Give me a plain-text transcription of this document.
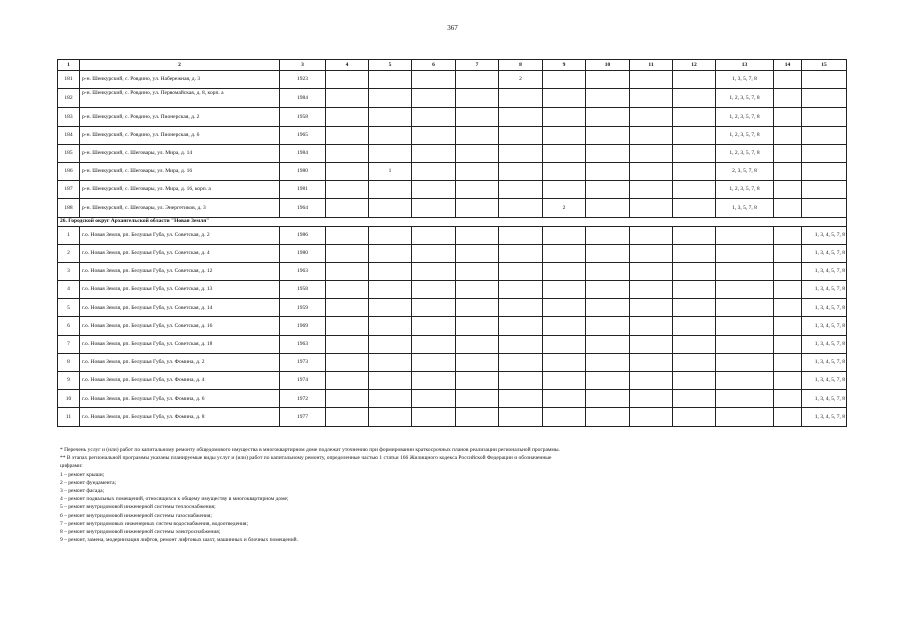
367
1	2	3	4	5	6	7	8	9	10	11	12	13	14	15
181	р-н. Шенкурский, с. Ровдино, ул. Набережная, д. 3	1923					2					1, 3, 5, 7, 8		
182	р-н. Шенкурский, с. Ровдино, ул. Первомайская, д. 8, корп. а	1984										1, 2, 3, 5, 7, 8		
183	р-н. Шенкурский, с. Ровдино, ул. Пионерская, д. 2	1958										1, 2, 3, 5, 7, 8		
184	р-н. Шенкурский, с. Ровдино, ул. Пионерская, д. 6	1965										1, 2, 3, 5, 7, 8		
185	р-н. Шенкурский, с. Шеговары, ул. Мира, д. 14	1984										1, 2, 3, 5, 7, 8		
186	р-н. Шенкурский, с. Шеговары, ул. Мира, д. 16	1980		1								2, 3, 5, 7, 8		
187	р-н. Шенкурский, с. Шеговары, ул. Мира, д. 16, корп. а	1981										1, 2, 3, 5, 7, 8		
188	р-н. Шенкурский, с. Шеговары, ул. Энергетиков, д. 3	1964						2				1, 3, 5, 7, 8		
26. Городской округ Архангельской области "Новая Земля"														
1	г.о. Новая Земля, рп. Белушья Губа, ул. Советская, д. 2	1986												1, 3, 4, 5, 7, 8
2	г.о. Новая Земля, рп. Белушья Губа, ул. Советская, д. 4	1980												1, 3, 4, 5, 7, 8
3	г.о. Новая Земля, рп. Белушья Губа, ул. Советская, д. 12	1963												1, 3, 4, 5, 7, 8
4	г.о. Новая Земля, рп. Белушья Губа, ул. Советская, д. 13	1958												1, 3, 4, 5, 7, 8
5	г.о. Новая Земля, рп. Белушья Губа, ул. Советская, д. 14	1959												1, 3, 4, 5, 7, 8
6	г.о. Новая Земля, рп. Белушья Губа, ул. Советская, д. 16	1969												1, 3, 4, 5, 7, 8
7	г.о. Новая Земля, рп. Белушья Губа, ул. Советская, д. 18	1963												1, 3, 4, 5, 7, 8
8	г.о. Новая Земля, рп. Белушья Губа, ул. Фомина, д. 2	1973												1, 3, 4, 5, 7, 8
9	г.о. Новая Земля, рп. Белушья Губа, ул. Фомина, д. 4	1974												1, 3, 4, 5, 7, 8
10	г.о. Новая Земля, рп. Белушья Губа, ул. Фомина, д. 6	1972												1, 3, 4, 5, 7, 8
11	г.о. Новая Земля, рп. Белушья Губа, ул. Фомина, д. 8	1977												1, 3, 4, 5, 7, 8
* Перечень услуг и (или) работ по капитальному ремонту общедомового имущества в многоквартирном доме подлежат уточнению при формировании краткосрочных планов реализации региональной программы.
** В этапах региональной программы указаны планируемые виды услуг и (или) работ по капитальному ремонту, определенные частью 1 статьи 166 Жилищного кодекса Российской Федерации и обозначенные
цифрами:
1 – ремонт крыши;
2 – ремонт фундамента;
3 – ремонт фасада;
4 – ремонт подвальных помещений, относящихся к общему имуществу в многоквартирном доме;
5 – ремонт внутридомовой инженерной системы теплоснабжения;
6 – ремонт внутридомовой инженерной системы газоснабжения;
7 – ремонт внутридомовых инженерных систем водоснабжения, водоотведения;
8 – ремонт внутридомовой инженерной системы электроснабжения;
9 – ремонт, замена, модернизация лифтов, ремонт лифтовых шахт, машинных и блочных помещений.
